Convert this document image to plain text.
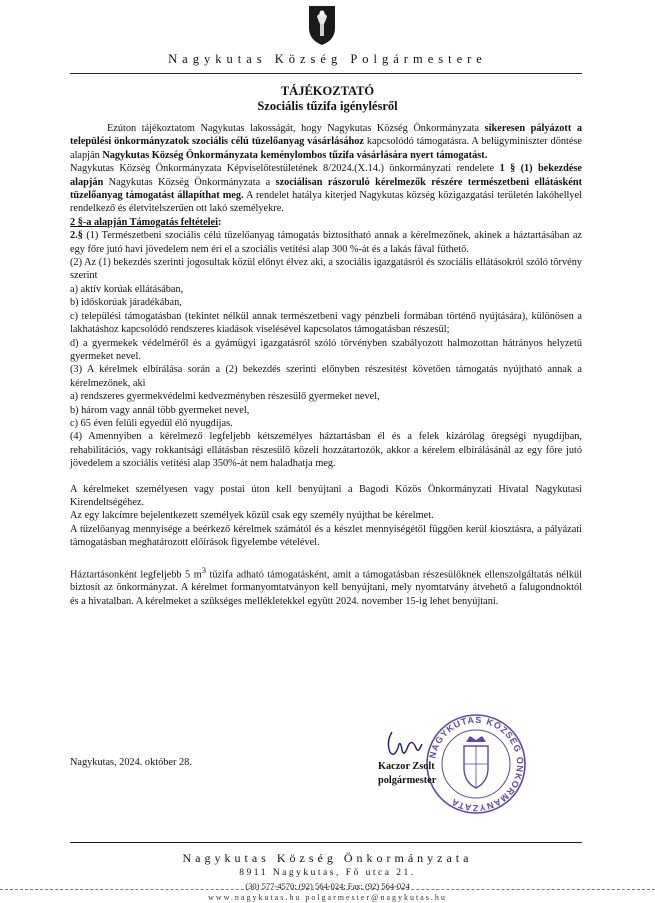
Nagykutas Község Polgármestere
TÁJÉKOZTATÓ
Szociális tűzifa igénylésről

Ezúton tájékoztatom Nagykutas lakosságát, hogy Nagykutas Község Önkormányzata sikeresen pályázott a települési önkormányzatok szociális célú tüzelőanyag vásárlásához kapcsolódó támogatásra. A belügyminiszter döntése alapján Nagykutas Község Önkormányzata keménylombos tűzifa vásárlására nyert támogatást.

Nagykutas Község Önkormányzata Képviselőtestületének 8/2024.(X.14.) önkormányzati rendelete 1 § (1) bekezdése alapján Nagykutas Község Önkormányzata a szociálisan rászoruló kérelmezők részére természetbeni ellátásként tüzelőanyag támogatást állapíthat meg. A rendelet hatálya kiterjed Nagykutas község közigazgatási területén lakóhellyel rendelkező és életvitelszerűen ott lakó személyekre.

2 §-a alapján Támogatás feltételei:

2.§ (1) Természetbeni szociális célú tüzelőanyag támogatás biztosítható annak a kérelmezőnek, akinek a háztartásában az egy főre jutó havi jövedelem nem éri el a szociális vetítési alap 300 %-át és a lakás fával fűthető.

(2) Az (1) bekezdés szerinti jogosultak közül előnyt élvez aki, a szociális igazgatásról és szociális ellátásokról szóló törvény szerint

a) aktív korúak ellátásában,

b) időskorúak járadékában,

c) települési támogatásban (tekintet nélkül annak természetbeni vagy pénzbeli formában történő nyújtására), különösen a lakhatáshoz kapcsolódó rendszeres kiadások viselésével kapcsolatos támogatásban részesül;

d) a gyermekek védelméről és a gyámügyi igazgatásról szóló törvényben szabályozott halmozottan hátrányos helyzetű gyermeket nevel.

(3) A kérelmek elbírálása során a (2) bekezdés szerinti előnyben részesítést követően támogatás nyújtható annak a kérelmezőnek, aki

a) rendszeres gyermekvédelmi kedvezményben részesülő gyermeket nevel,

b) három vagy annál több gyermeket nevel,

c) 65 éven felüli egyedül élő nyugdíjas.

(4) Amennyiben a kérelmező legfeljebb kétszemélyes háztartásban él és a felek kizárólag öregségi nyugdíjban, rehabilitációs, vagy rokkantsági ellátásban részesülő közeli hozzátartozók, akkor a kérelem elbírálásánál az egy főre jutó jövedelem a szociális vetítési alap 350%-át nem haladhatja meg.

A kérelmeket személyesen vagy postai úton kell benyújtani a Bagodi Közös Önkormányzati Hivatal Nagykutasi Kirendeltségéhez.

Az egy lakcímre bejelentkezett személyek közül csak egy személy nyújthat be kérelmet.

A tüzelőanyag mennyisége a beérkező kérelmek számától és a készlet mennyiségétől függően kerül kiosztásra, a pályázati támogatásban meghatározott előírások figyelembe vételével.

Háztartásonként legfeljebb 5 $m^3$ tűzifa adható támogatásként, amit a támogatásban részesülőknek ellenszolgáltatás nélkül biztosít az önkormányzat. A kérelmet formanyomtatványon kell benyújtani, mely nyomtatvány átvehető a falugondnoktól és a hivatalban. A kérelmeket a szükséges mellékletekkel együtt 2024. november 15-ig lehet benyújtani.

Nagykutas, 2024. október 28.
NAGYKUTAS KÖZSÉG ÖNKORMÁNYZATA
Kaczor Zsolt
polgármester
Nagykutas Község Önkormányzata
8911 Nagykutas, Fő utca 21.
(30) 577-4570; (92) 564-024; Fax: (92) 564-024
www.nagykutas.hu polgarmester@nagykutas.hu
